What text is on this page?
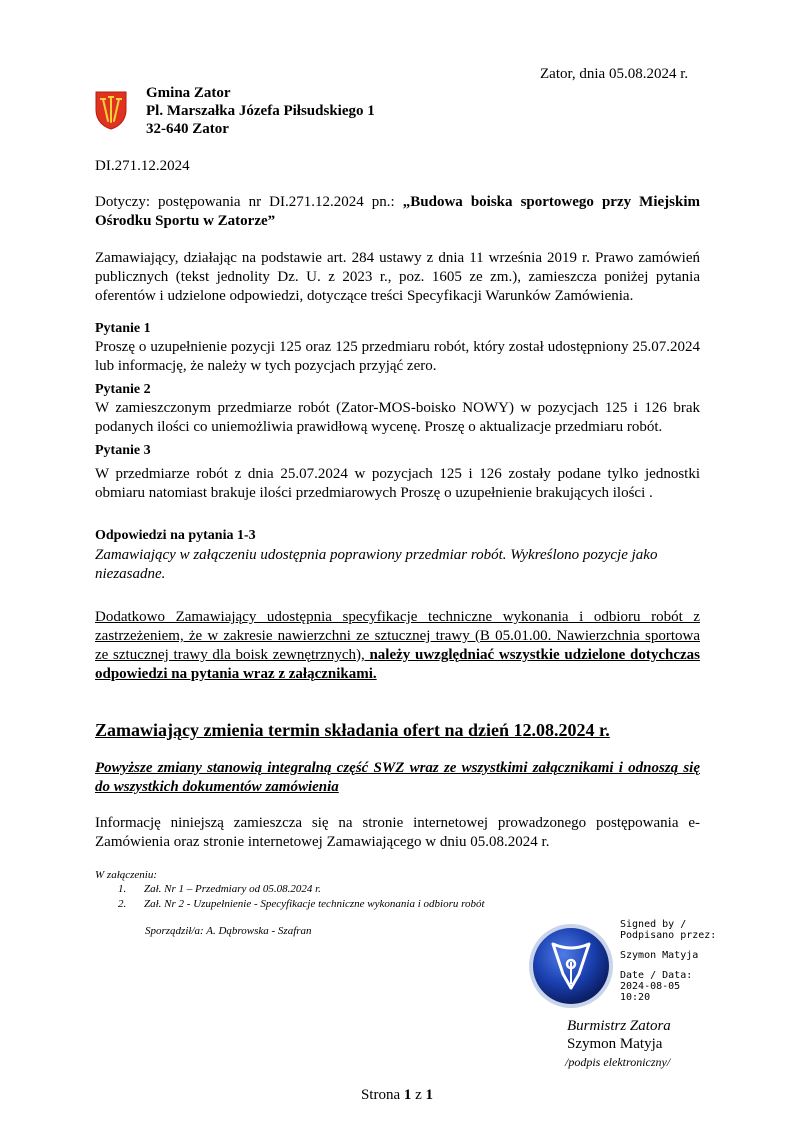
Zator, dnia 05.08.2024 r.
Gmina Zator
Pl. Marszałka Józefa Piłsudskiego 1
32-640 Zator
DI.271.12.2024
Dotyczy: postępowania nr DI.271.12.2024 pn.: „Budowa boiska sportowego przy Miejskim Ośrodku Sportu w Zatorze”
Zamawiający, działając na podstawie art. 284 ustawy z dnia 11 września 2019 r. Prawo zamówień publicznych (tekst jednolity Dz. U. z 2023 r., poz. 1605 ze zm.), zamieszcza poniżej pytania oferentów i udzielone odpowiedzi, dotyczące treści Specyfikacji Warunków Zamówienia.
Pytanie 1
Proszę o uzupełnienie pozycji 125 oraz 125 przedmiaru robót, który został udostępniony 25.07.2024 lub informację, że należy w tych pozycjach przyjąć zero.
Pytanie 2
W zamieszczonym przedmiarze robót (Zator-MOS-boisko NOWY) w pozycjach 125 i 126 brak podanych ilości co uniemożliwia prawidłową wycenę. Proszę o aktualizacje przedmiaru robót.
Pytanie 3
W przedmiarze robót z dnia 25.07.2024 w pozycjach 125 i 126 zostały podane tylko jednostki obmiaru natomiast brakuje ilości przedmiarowych Proszę o uzupełnienie brakujących ilości .
Odpowiedzi na pytania 1-3
Zamawiający w załączeniu udostępnia poprawiony przedmiar robót. Wykreślono pozycje jako niezasadne.
Dodatkowo Zamawiający udostępnia specyfikacje techniczne wykonania i odbioru robót z zastrzeżeniem, że w zakresie nawierzchni ze sztucznej trawy (B 05.01.00. Nawierzchnia sportowa ze sztucznej trawy dla boisk zewnętrznych), należy uwzględniać wszystkie udzielone dotychczas odpowiedzi na pytania wraz z załącznikami.
Zamawiający zmienia termin składania ofert na dzień 12.08.2024 r.
Powyższe zmiany stanowią integralną część SWZ wraz ze wszystkimi załącznikami i odnoszą się do wszystkich dokumentów zamówienia
Informację niniejszą zamieszcza się na stronie internetowej prowadzonego postępowania e-Zamówienia oraz stronie internetowej Zamawiającego w dniu 05.08.2024 r.
W załączeniu:
1. Zał. Nr 1 – Przedmiary od 05.08.2024 r.
2. Zał. Nr 2 - Uzupełnienie - Specyfikacje techniczne wykonania i odbioru robót
Sporządził/a: A. Dąbrowska - Szafran
Signed by /
Podpisano przez:
Szymon Matyja
Date / Data:
2024-08-05
10:20
Burmistrz Zatora
Szymon Matyja
/podpis elektroniczny/
Strona 1 z 1
